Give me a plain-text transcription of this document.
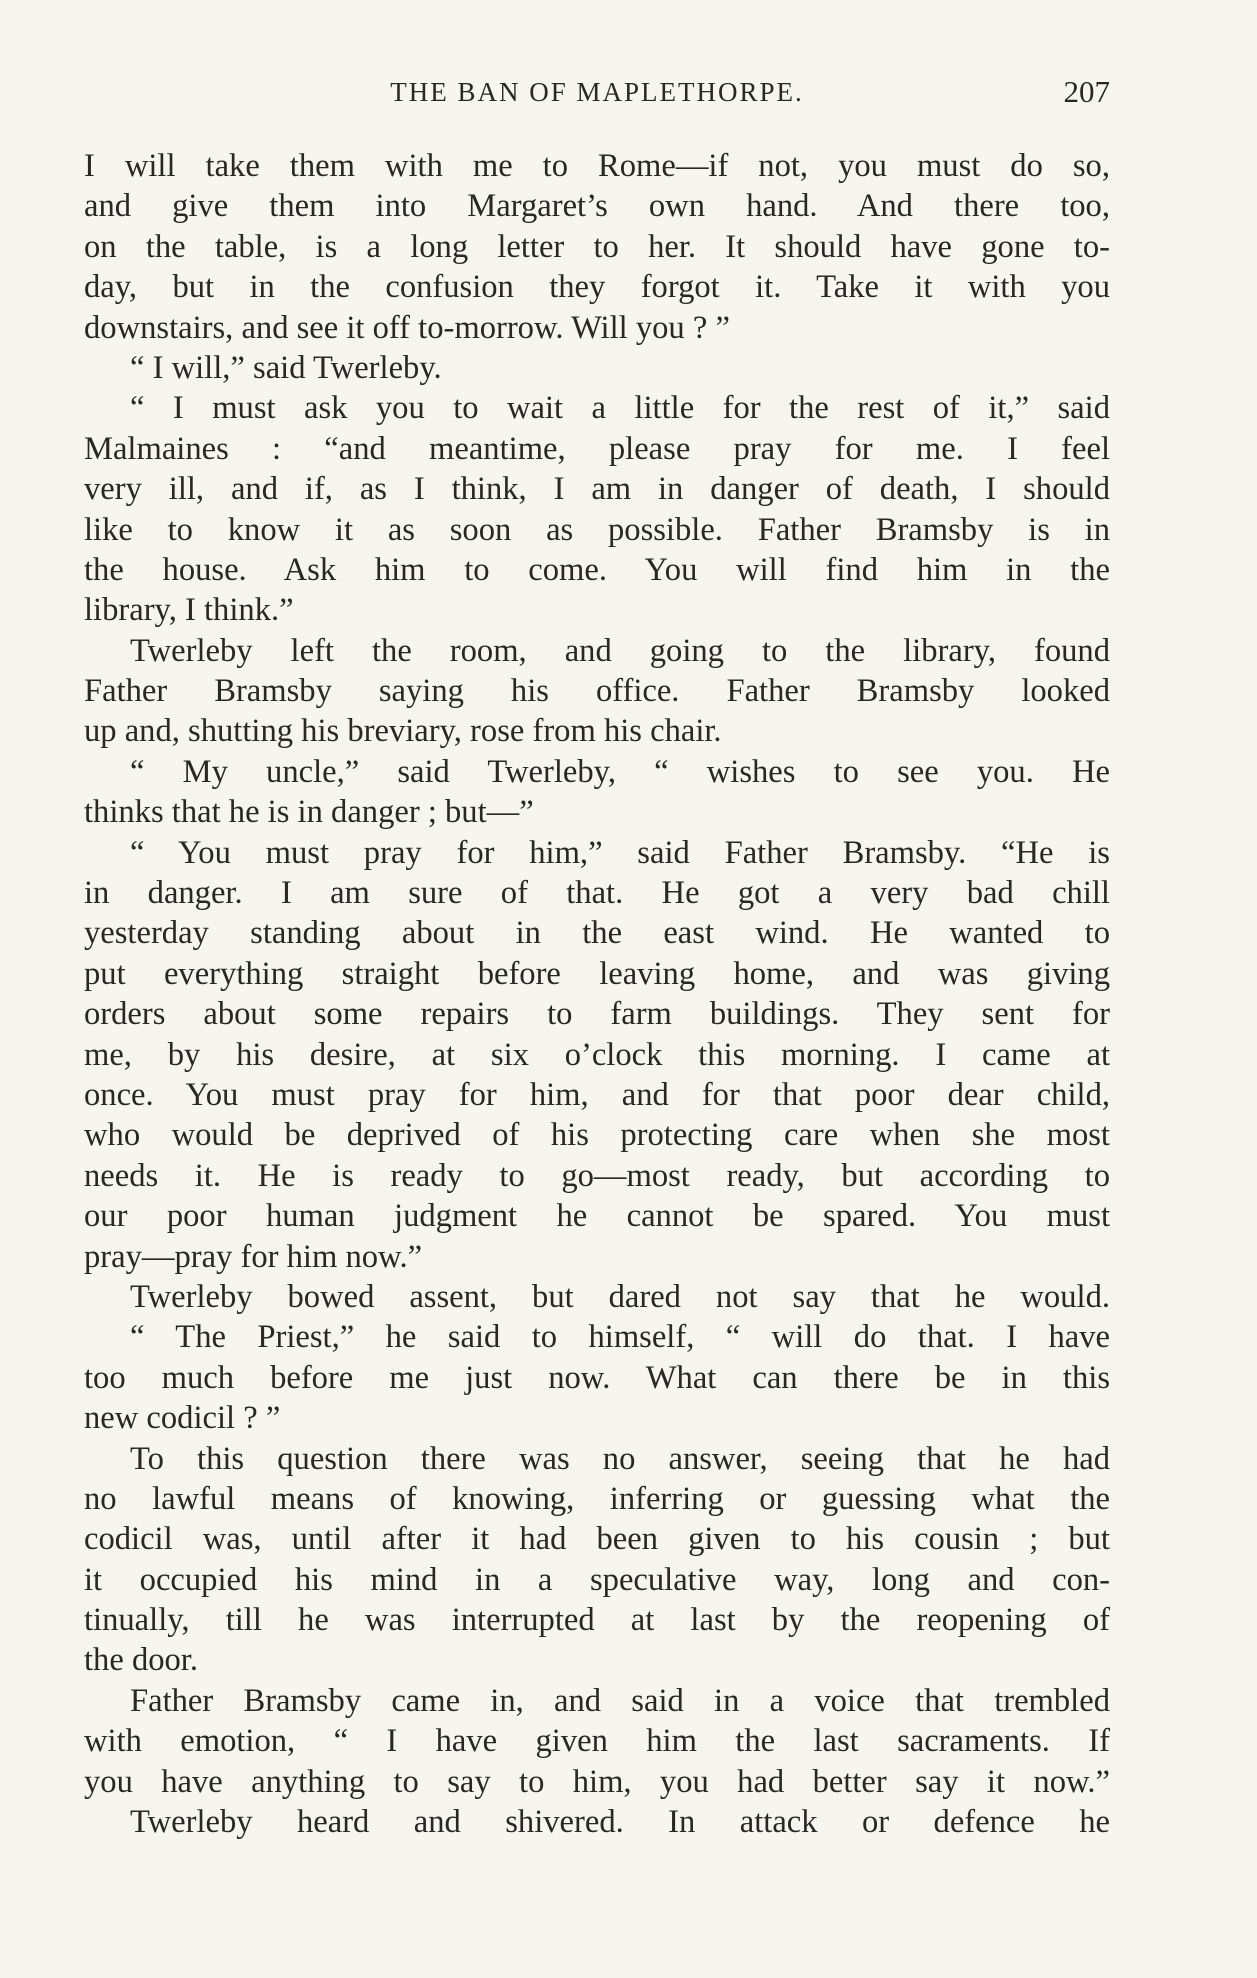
THE BAN OF MAPLETHORPE.	207
I will take them with me to Rome—if not, you must do so,
and give them into Margaret’s own hand. And there too,
on the table, is a long letter to her. It should have gone to-
day, but in the confusion they forgot it. Take it with you
downstairs, and see it off to-morrow. Will you ? ”
“ I will,” said Twerleby.
“ I must ask you to wait a little for the rest of it,” said
Malmaines : “and meantime, please pray for me. I feel
very ill, and if, as I think, I am in danger of death, I should
like to know it as soon as possible. Father Bramsby is in
the house. Ask him to come. You will find him in the
library, I think.”
Twerleby left the room, and going to the library, found
Father Bramsby saying his office. Father Bramsby looked
up and, shutting his breviary, rose from his chair.
“ My uncle,” said Twerleby, “ wishes to see you. He
thinks that he is in danger ; but—”
“ You must pray for him,” said Father Bramsby. “He is
in danger. I am sure of that. He got a very bad chill
yesterday standing about in the east wind. He wanted to
put everything straight before leaving home, and was giving
orders about some repairs to farm buildings. They sent for
me, by his desire, at six o’clock this morning. I came at
once. You must pray for him, and for that poor dear child,
who would be deprived of his protecting care when she most
needs it. He is ready to go—most ready, but according to
our poor human judgment he cannot be spared. You must
pray—pray for him now.”
Twerleby bowed assent, but dared not say that he would.
“ The Priest,” he said to himself, “ will do that. I have
too much before me just now. What can there be in this
new codicil ? ”
To this question there was no answer, seeing that he had
no lawful means of knowing, inferring or guessing what the
codicil was, until after it had been given to his cousin ; but
it occupied his mind in a speculative way, long and con-
tinually, till he was interrupted at last by the reopening of
the door.
Father Bramsby came in, and said in a voice that trembled
with emotion, “ I have given him the last sacraments. If
you have anything to say to him, you had better say it now.”
Twerleby heard and shivered. In attack or defence he
